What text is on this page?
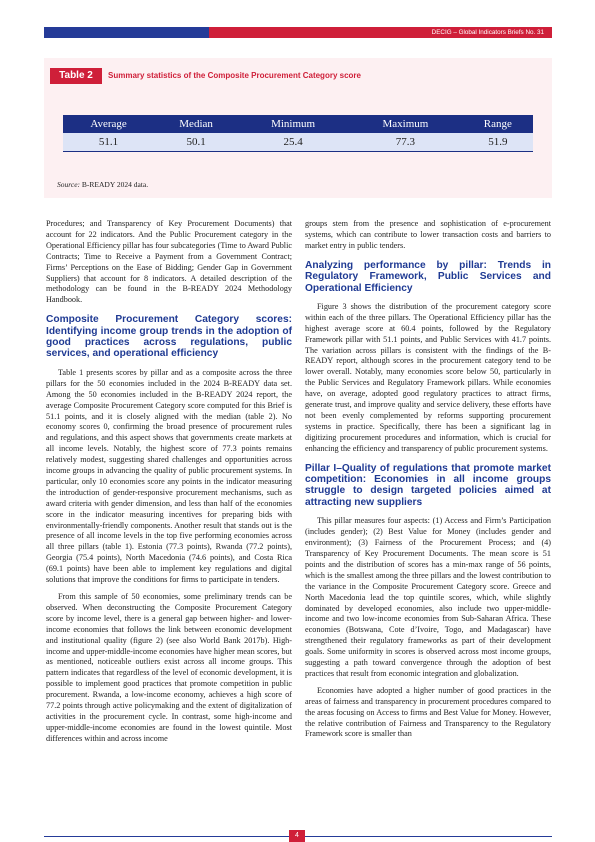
DECIG – Global Indicators Briefs No. 31
Table 2	Summary statistics of the Composite Procurement Category score
Average	Median	Minimum	Maximum	Range
51.1	50.1	25.4	77.3	51.9
Source: B-READY 2024 data.

Procedures; and Transparency of Key Procurement Documents) that account for 22 indicators. And the Public Procurement category in the Operational Efficiency pillar has four subcategories (Time to Award Public Contracts; Time to Receive a Payment from a Government Contract; Firms’ Perceptions on the Ease of Bidding; Gender Gap in Government Suppliers) that account for 8 indicators. A detailed description of the methodology can be found in the B-READY 2024 Methodology Handbook.

Composite Procurement Category scores: Identifying income group trends in the adoption of good practices across regulations, public services, and operational efficiency

Table 1 presents scores by pillar and as a composite across the three pillars for the 50 economies included in the 2024 B-READY data set. Among the 50 economies included in the B-READY 2024 report, the average Composite Procurement Category score computed for this Brief is 51.1 points, and it is closely aligned with the median (table 2). No economy scores 0, confirming the broad presence of procurement rules and regulations, and this aspect shows that governments create markets at all income levels. Notably, the highest score of 77.3 points remains relatively modest, suggesting shared challenges and opportunities across income groups in advancing the quality of public procurement systems. In particular, only 10 economies score any points in the indicator measuring the introduction of gender-responsive procurement mechanisms, such as award criteria with gender dimension, and less than half of the economies score in the indicator measuring incentives for preparing bids with environmentally-friendly components. Another result that stands out is the presence of all income levels in the top five performing economies across all three pillars (table 1). Estonia (77.3 points), Rwanda (77.2 points), Georgia (75.4 points), North Macedonia (74.6 points), and Costa Rica (69.1 points) have been able to implement key regulations and digital solutions that improve the conditions for firms to participate in tenders.

From this sample of 50 economies, some preliminary trends can be observed. When deconstructing the Composite Procurement Category score by income level, there is a general gap between higher- and lower-income economies that follows the link between economic development and institutional quality (figure 2) (see also World Bank 2017b). High-income and upper-middle-income economies have higher mean scores, but as mentioned, noticeable outliers exist across all income groups. This pattern indicates that regardless of the level of economic development, it is possible to implement good practices that promote competition in public procurement. Rwanda, a low-income economy, achieves a high score of 77.2 points through active policymaking and the extent of digitalization of activities in the procurement cycle. In contrast, some high-income and upper-middle-income economies are found in the lowest quintile. Most differences within and across income

groups stem from the presence and sophistication of e-procurement systems, which can contribute to lower transaction costs and barriers to market entry in public tenders.

Analyzing performance by pillar: Trends in Regulatory Framework, Public Services and Operational Efficiency

Figure 3 shows the distribution of the procurement category score within each of the three pillars. The Operational Efficiency pillar has the highest average score at 60.4 points, followed by the Regulatory Framework pillar with 51.1 points, and Public Services with 41.7 points. The variation across pillars is consistent with the findings of the B-READY report, although scores in the procurement category tend to be lower overall. Notably, many economies score below 50, particularly in the Public Services and Regulatory Framework pillars. While economies have, on average, adopted good regulatory practices to attract firms, generate trust, and improve quality and service delivery, these efforts have not been evenly complemented by reforms supporting procurement systems in practice. Specifically, there has been a significant lag in digitizing procurement procedures and information, which is crucial for enhancing the efficiency and transparency of public procurement systems.

Pillar I–Quality of regulations that promote market competition: Economies in all income groups struggle to design targeted policies aimed at attracting new suppliers

This pillar measures four aspects: (1) Access and Firm’s Participation (includes gender); (2) Best Value for Money (includes gender and environment); (3) Fairness of the Procurement Process; and (4) Transparency of Key Procurement Documents. The mean score is 51 points and the distribution of scores has a min-max range of 56 points, which is the smallest among the three pillars and the lowest contribution to the variance in the Composite Procurement Category score. Greece and North Macedonia lead the top quintile scores, which, while slightly dominated by developed economies, also include two upper-middle-income and two low-income economies from Sub-Saharan Africa. These economies (Botswana, Cote d’Ivoire, Togo, and Madagascar) have strengthened their regulatory frameworks as part of their development goals. Some uniformity in scores is observed across most income groups, suggesting a path toward convergence through the adoption of best practices that result from economic integration and globalization.

Economies have adopted a higher number of good practices in the areas of fairness and transparency in procurement procedures compared to the areas focusing on Access to firms and Best Value for Money. However, the relative contribution of Fairness and Transparency to the Regulatory Framework score is smaller than

4
